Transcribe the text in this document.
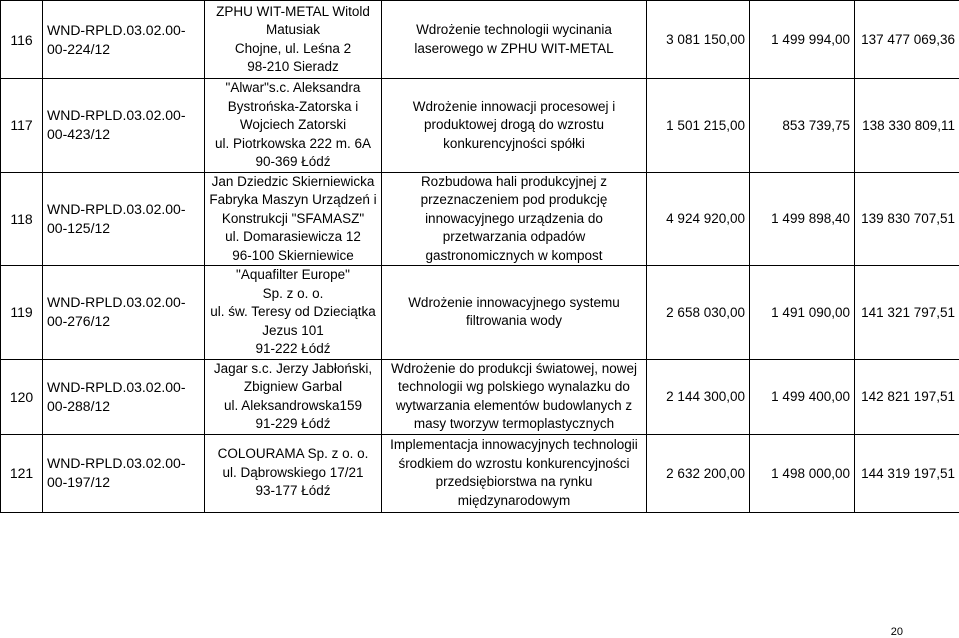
116	WND-RPLD.03.02.00-
00-224/12	ZPHU WIT-METAL Witold
Matusiak
Chojne, ul. Leśna 2
98-210 Sieradz	Wdrożenie technologii wycinania
laserowego w ZPHU WIT-METAL	3 081 150,00	1 499 994,00	137 477 069,36
117	WND-RPLD.03.02.00-
00-423/12	"Alwar"s.c. Aleksandra
Bystrońska-Zatorska i
Wojciech Zatorski
ul. Piotrkowska 222 m. 6A
90-369 Łódź	Wdrożenie innowacji procesowej i
produktowej drogą do wzrostu
konkurencyjności spółki	1 501 215,00	853 739,75	138 330 809,11
118	WND-RPLD.03.02.00-
00-125/12	Jan Dziedzic Skierniewicka
Fabryka Maszyn Urządzeń i
Konstrukcji "SFAMASZ"
ul. Domarasiewicza 12
96-100 Skierniewice	Rozbudowa hali produkcyjnej z
przeznaczeniem pod produkcję
innowacyjnego urządzenia do
przetwarzania odpadów
gastronomicznych w kompost	4 924 920,00	1 499 898,40	139 830 707,51
119	WND-RPLD.03.02.00-
00-276/12	"Aquafilter Europe"
Sp. z o. o.
ul. św. Teresy od Dzieciątka
Jezus 101
91-222 Łódź	Wdrożenie innowacyjnego systemu
filtrowania wody	2 658 030,00	1 491 090,00	141 321 797,51
120	WND-RPLD.03.02.00-
00-288/12	Jagar s.c. Jerzy Jabłoński,
Zbigniew Garbal
ul. Aleksandrowska159
91-229 Łódź	Wdrożenie do produkcji światowej, nowej
technologii wg polskiego wynalazku do
wytwarzania elementów budowlanych z
masy tworzyw termoplastycznych	2 144 300,00	1 499 400,00	142 821 197,51
121	WND-RPLD.03.02.00-
00-197/12	COLOURAMA Sp. z o. o.
ul. Dąbrowskiego 17/21
93-177 Łódź	Implementacja innowacyjnych technologii
środkiem do wzrostu konkurencyjności
przedsiębiorstwa na rynku
międzynarodowym	2 632 200,00	1 498 000,00	144 319 197,51
20
